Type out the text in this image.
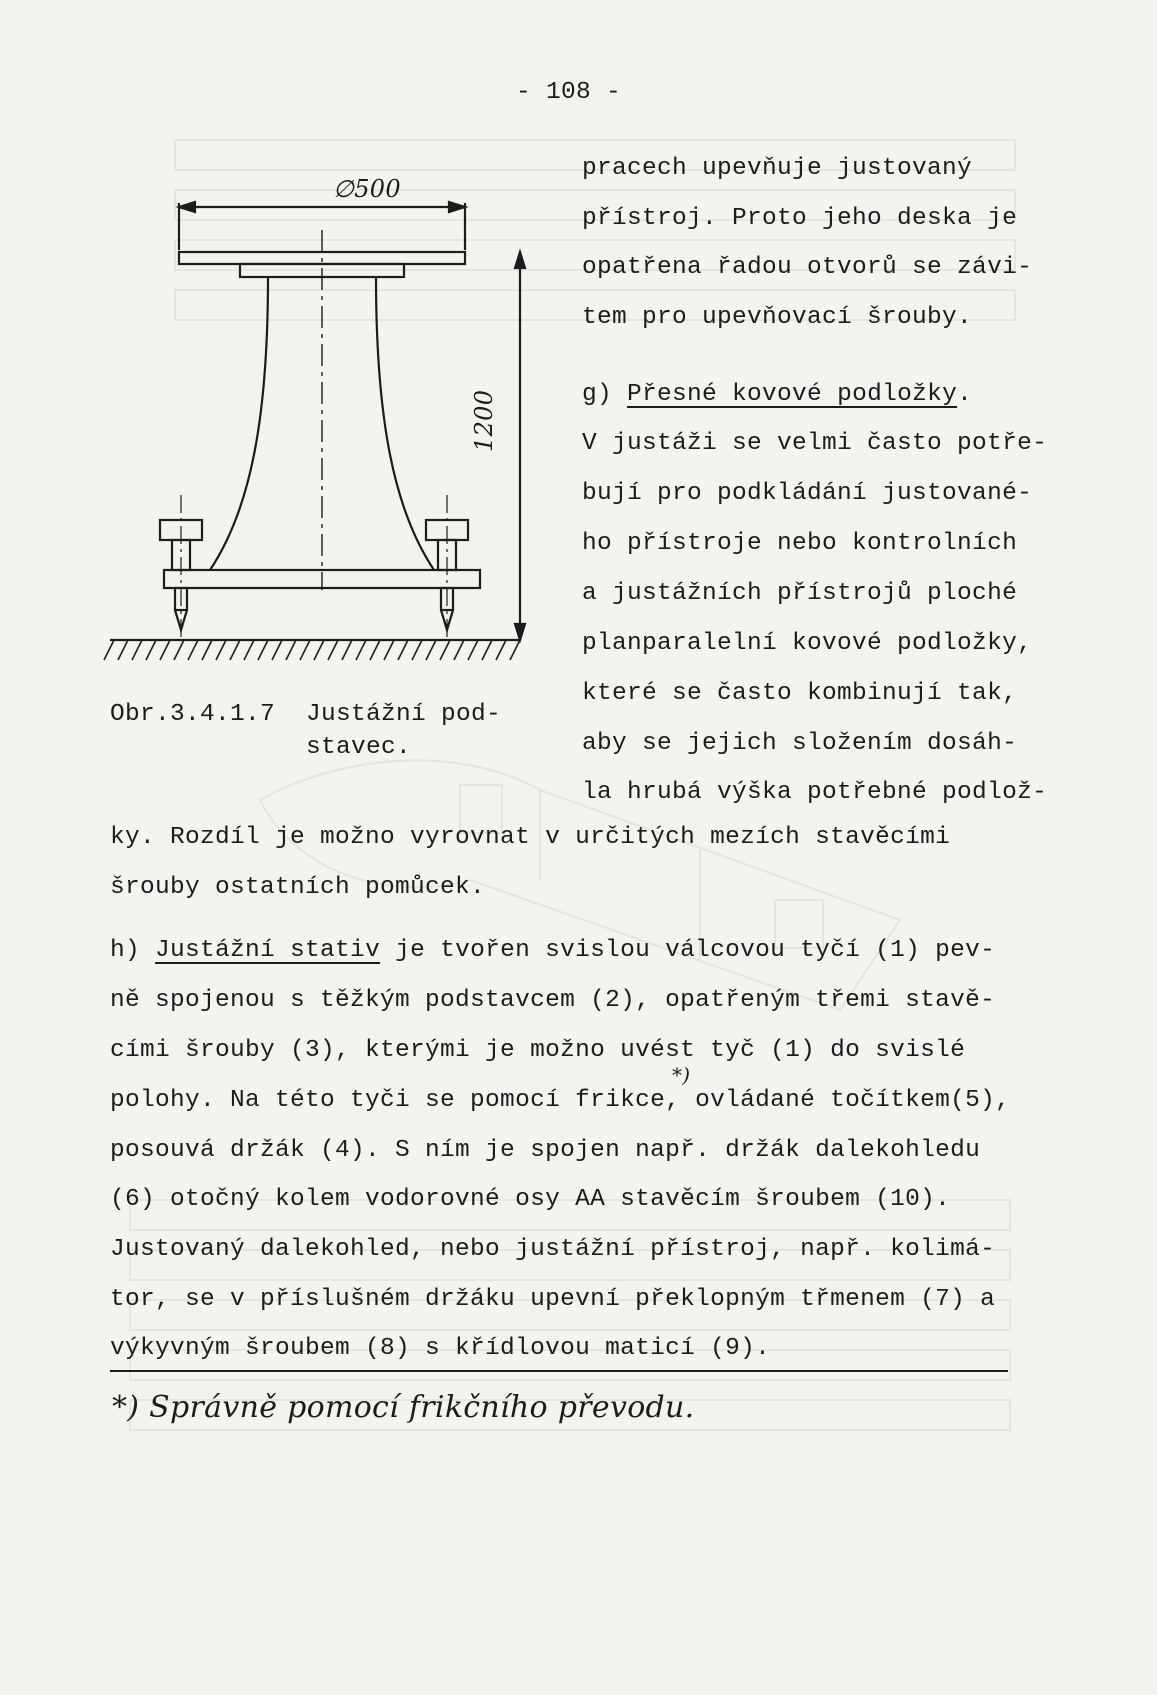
- 108 -
∅500
1200
Obr.3.4.1.7 Justážní pod-
stavec.
pracech upevňuje justovaný
přístroj. Proto jeho deska je
opatřena řadou otvorů se závi-
tem pro upevňovací šrouby.
g) Přesné kovové podložky.
V justáži se velmi často potře-
bují pro podkládání justované-
ho přístroje nebo kontrolních
a justážních přístrojů ploché
planparalelní kovové podložky,
které se často kombinují tak,
aby se jejich složením dosáh-
la hrubá výška potřebné podlož-
ky. Rozdíl je možno vyrovnat v určitých mezích stavěcími
šrouby ostatních pomůcek.
h) Justážní stativ je tvořen svislou válcovou tyčí (1) pev-
ně spojenou s těžkým podstavcem (2), opatřeným třemi stavě-
cími šrouby (3), kterými je možno uvést tyč (1) do svislé
*)
polohy. Na této tyči se pomocí frikce, ovládané točítkem(5),
posouvá držák (4). S ním je spojen např. držák dalekohledu
(6) otočný kolem vodorovné osy AA stavěcím šroubem (10).
Justovaný dalekohled, nebo justážní přístroj, např. kolimá-
tor, se v příslušném držáku upevní překlopným třmenem (7) a
výkyvným šroubem (8) s křídlovou maticí (9).
*) Správně pomocí frikčního převodu.
